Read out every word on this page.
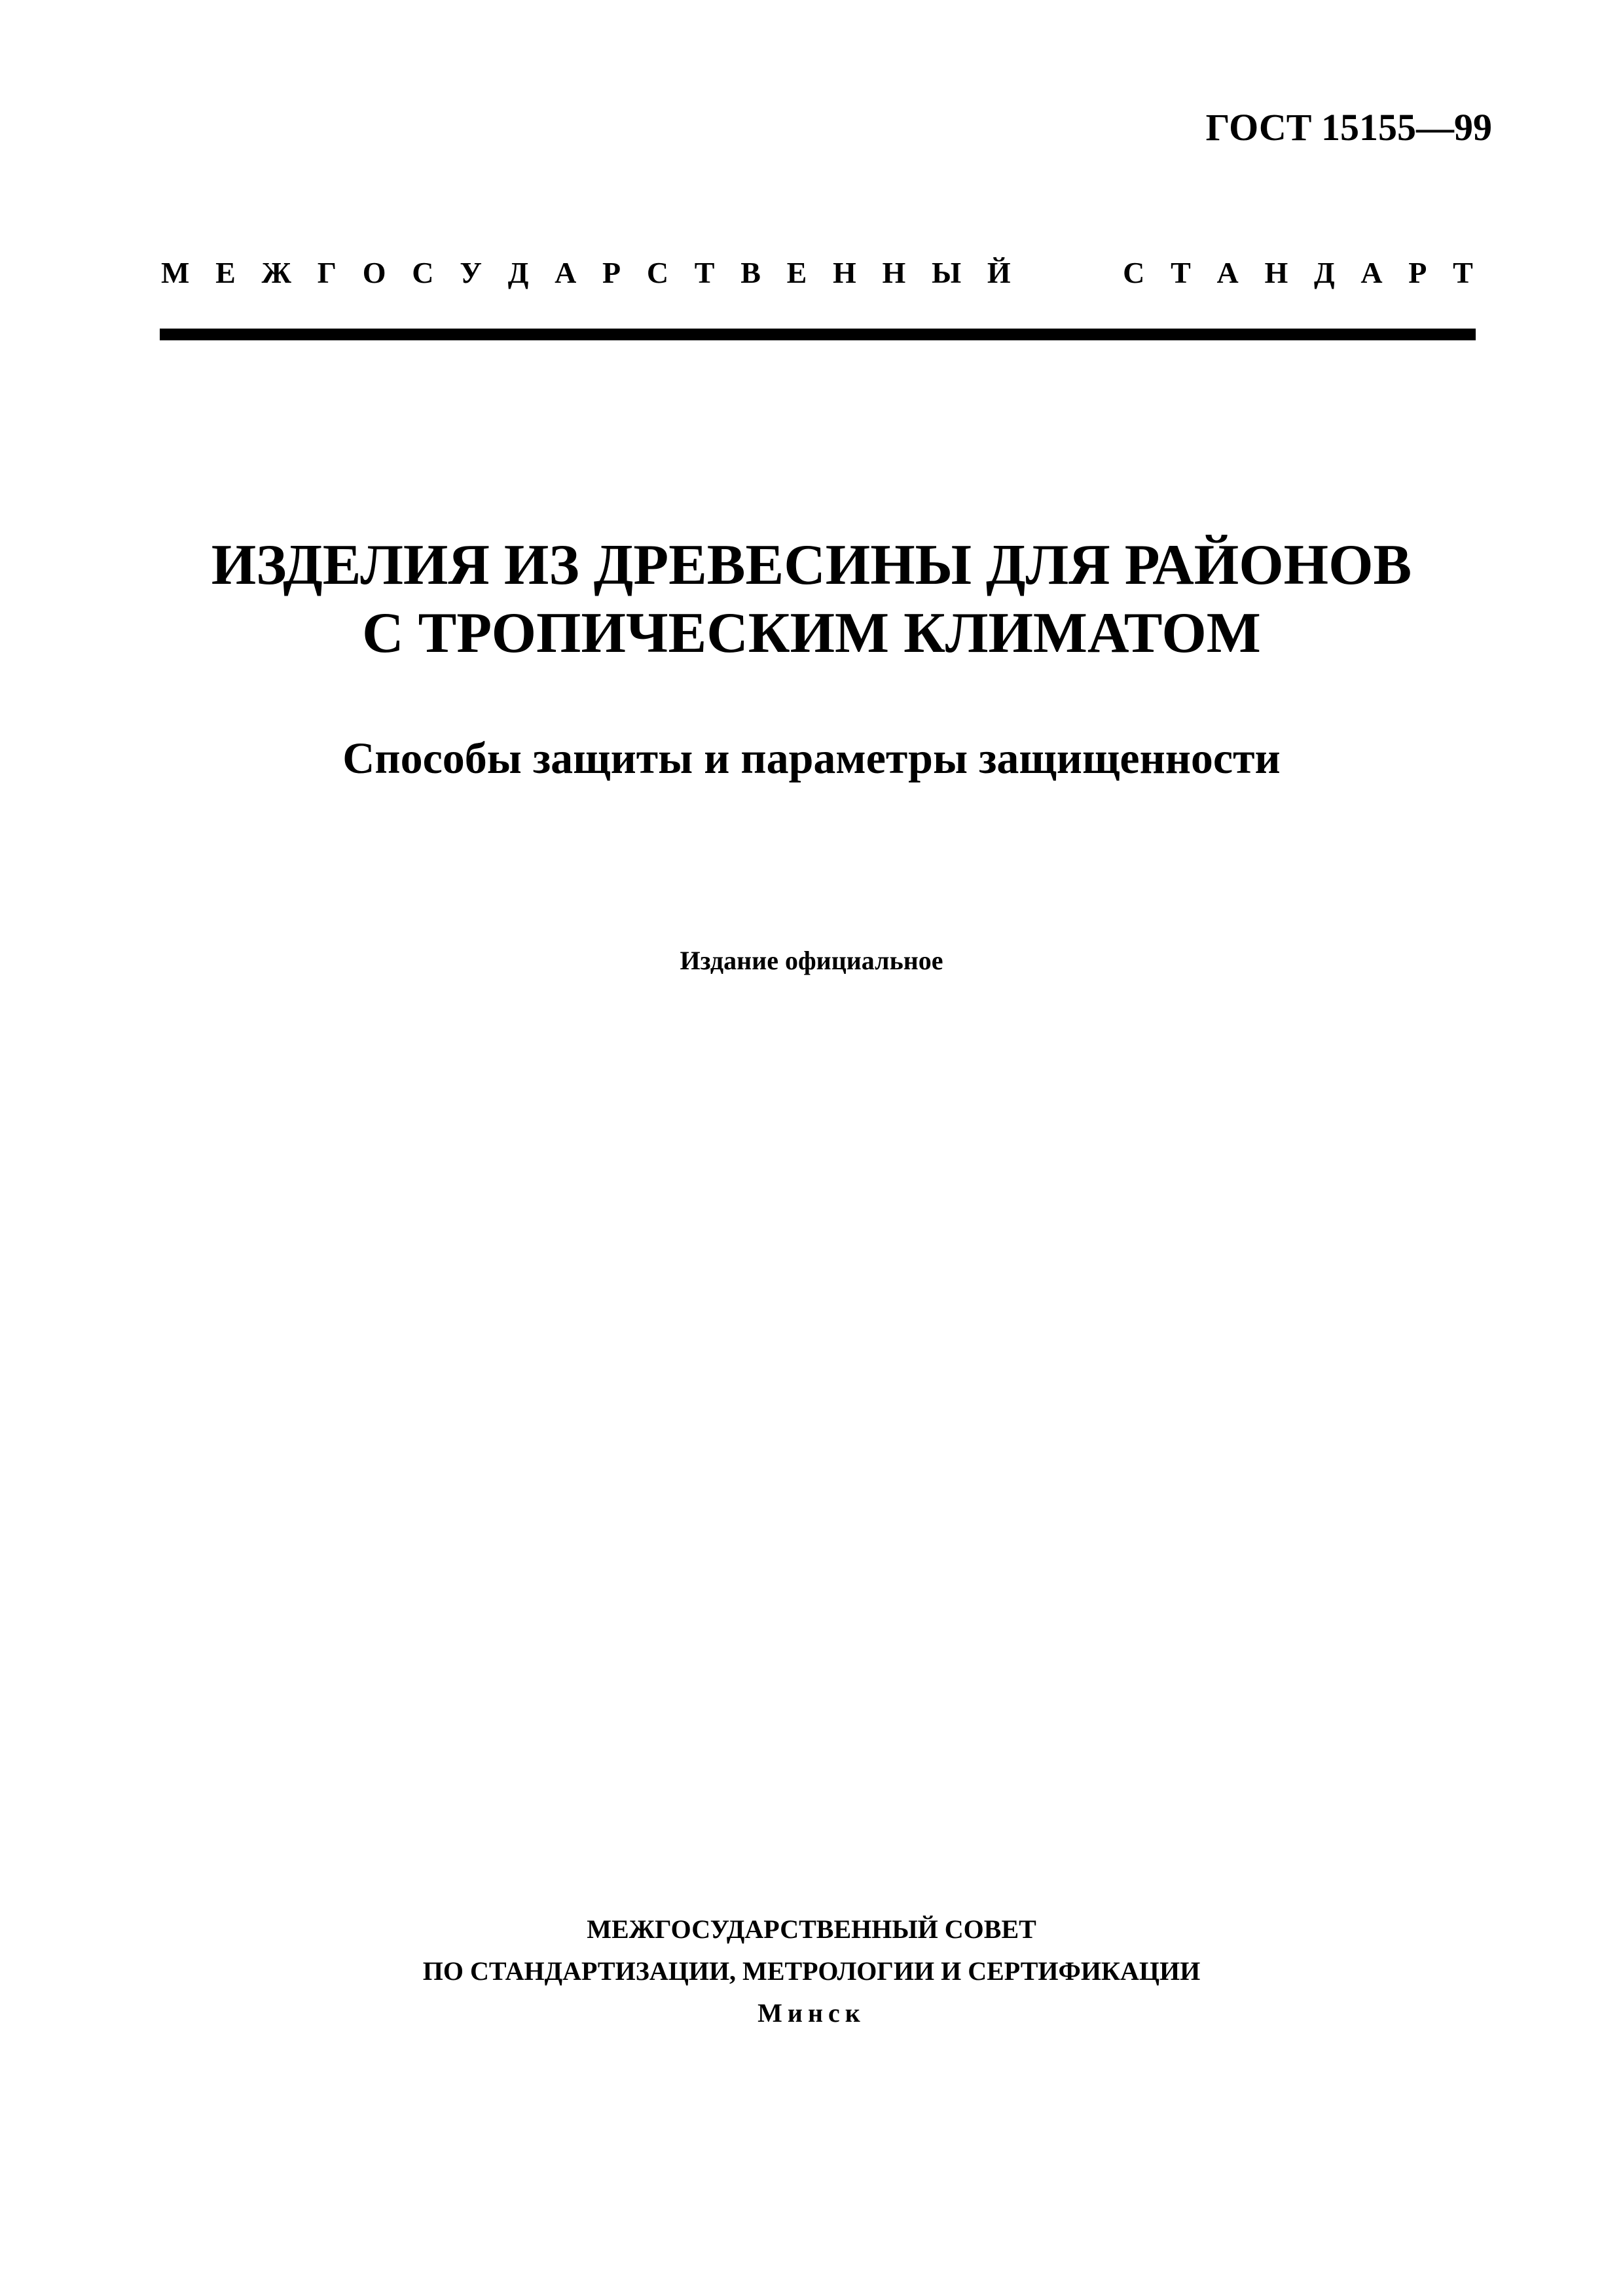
ГОСТ 15155—99
М Е Ж Г О С У Д А Р С Т В Е Н Н Ы Й	С Т А Н Д А Р Т
ИЗДЕЛИЯ ИЗ ДРЕВЕСИНЫ ДЛЯ РАЙОНОВ
С ТРОПИЧЕСКИМ КЛИМАТОМ
Способы защиты и параметры защищенности
Издание официальное
МЕЖГОСУДАРСТВЕННЫЙ СОВЕТ
ПО СТАНДАРТИЗАЦИИ, МЕТРОЛОГИИ И СЕРТИФИКАЦИИ
Минск
